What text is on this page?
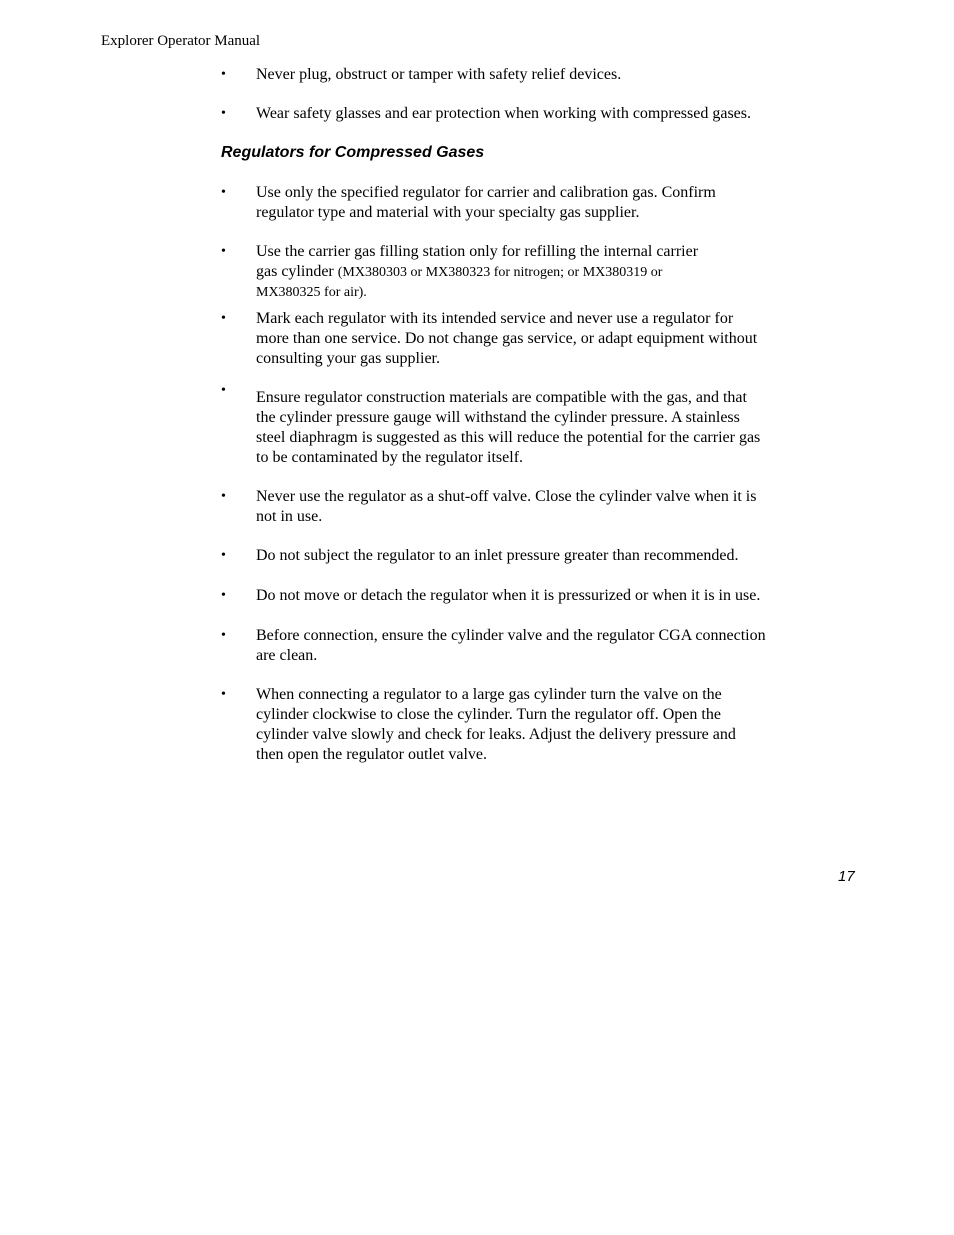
Explorer Operator Manual
•	Never plug, obstruct or tamper with safety relief devices.
•	Wear safety glasses and ear protection when working with compressed gases.
Regulators for Compressed Gases
•	Use only the specified regulator for carrier and calibration gas. Confirm
regulator type and material with your specialty gas supplier.
•	Use the carrier gas filling station only for refilling the internal carrier
gas cylinder (MX380303 or MX380323 for nitrogen; or MX380319 or
MX380325 for air).
•	Mark each regulator with its intended service and never use a regulator for
more than one service. Do not change gas service, or adapt equipment without
consulting your gas supplier.
•	Ensure regulator construction materials are compatible with the gas, and that
the cylinder pressure gauge will withstand the cylinder pressure. A stainless
steel diaphragm is suggested as this will reduce the potential for the carrier gas
to be contaminated by the regulator itself.
•	Never use the regulator as a shut-off valve. Close the cylinder valve when it is
not in use.
•	Do not subject the regulator to an inlet pressure greater than recommended.
•	Do not move or detach the regulator when it is pressurized or when it is in use.
•	Before connection, ensure the cylinder valve and the regulator CGA connection
are clean.
•	When connecting a regulator to a large gas cylinder turn the valve on the
cylinder clockwise to close the cylinder. Turn the regulator off. Open the
cylinder valve slowly and check for leaks. Adjust the delivery pressure and
then open the regulator outlet valve.
17
